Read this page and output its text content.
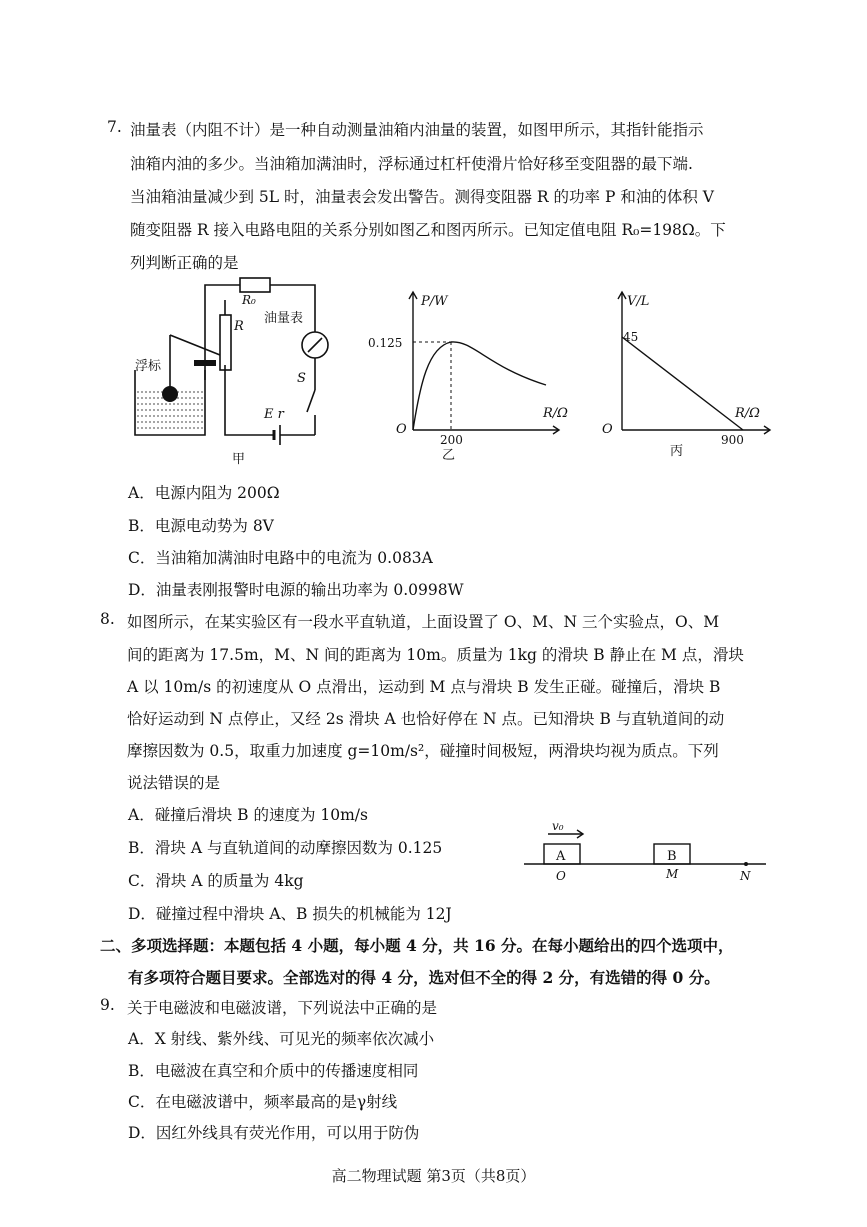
7. 油量表（内阻不计）是一种自动测量油箱内油量的装置，如图甲所示，其指针能指示
油箱内油的多少。当油箱加满油时，浮标通过杠杆使滑片恰好移至变阻器的最下端.
当油箱油量减少到 5L 时，油量表会发出警告。测得变阻器 R 的功率 P 和油的体积 V
随变阻器 R 接入电路电阻的关系分别如图乙和图丙所示。已知定值电阻 R₀=198Ω。下
列判断正确的是
R₀
R
油量表
浮标
S
E r
甲
P/W
R/Ω
O
0.125
200
乙
V/L
R/Ω
O
45
900
丙
A．电源内阻为 200Ω
B．电源电动势为 8V
C．当油箱加满油时电路中的电流为 0.083A
D．油量表刚报警时电源的输出功率为 0.0998W
8. 如图所示，在某实验区有一段水平直轨道，上面设置了 O、M、N 三个实验点，O、M
间的距离为 17.5m，M、N 间的距离为 10m。质量为 1kg 的滑块 B 静止在 M 点，滑块
A 以 10m/s 的初速度从 O 点滑出，运动到 M 点与滑块 B 发生正碰。碰撞后，滑块 B
恰好运动到 N 点停止，又经 2s 滑块 A 也恰好停在 N 点。已知滑块 B 与直轨道间的动
摩擦因数为 0.5，取重力加速度 g=10m/s²，碰撞时间极短，两滑块均视为质点。下列
说法错误的是
A．碰撞后滑块 B 的速度为 10m/s
B．滑块 A 与直轨道间的动摩擦因数为 0.125
C．滑块 A 的质量为 4kg
D．碰撞过程中滑块 A、B 损失的机械能为 12J
v₀
A	B
O	M	N
二、多项选择题：本题包括 4 小题，每小题 4 分，共 16 分。在每小题给出的四个选项中，
有多项符合题目要求。全部选对的得 4 分，选对但不全的得 2 分，有选错的得 0 分。
9. 关于电磁波和电磁波谱，下列说法中正确的是
A．X 射线、紫外线、可见光的频率依次减小
B．电磁波在真空和介质中的传播速度相同
C．在电磁波谱中，频率最高的是γ射线
D．因红外线具有荧光作用，可以用于防伪
高二物理试题 第3页（共8页）
